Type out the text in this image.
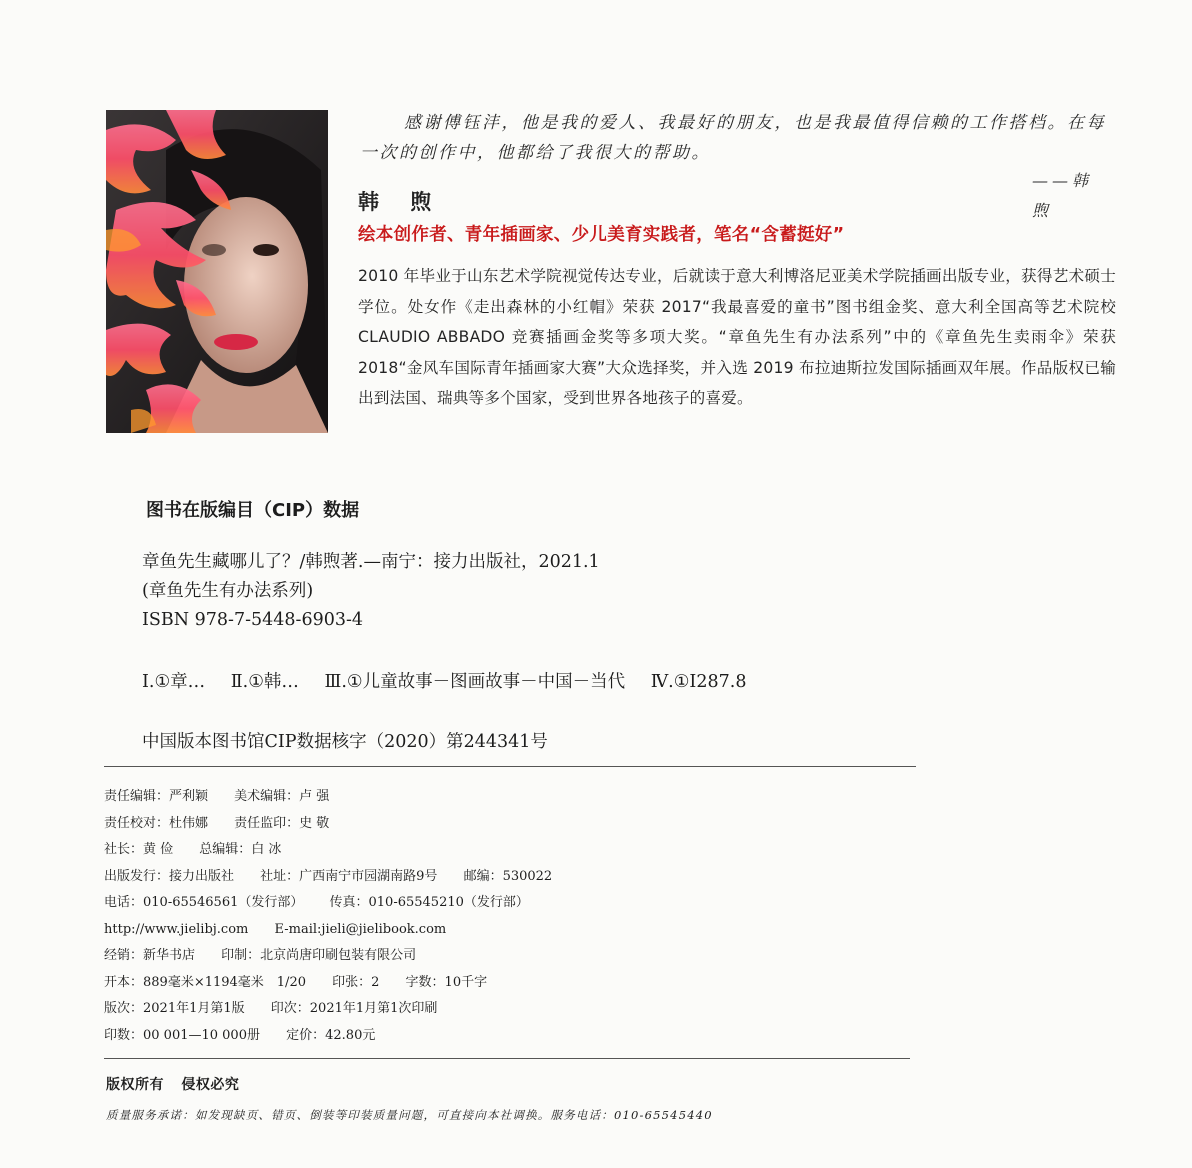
感谢傅钰沣，他是我的爱人、我最好的朋友，也是我最值得信赖的工作搭档。在每一次的创作中，他都给了我很大的帮助。

——韩 煦
韩 煦
绘本创作者、青年插画家、少儿美育实践者，笔名“含蓄挺好”
2010 年毕业于山东艺术学院视觉传达专业，后就读于意大利博洛尼亚美术学院插画出版专业，获得艺术硕士学位。处女作《走出森林的小红帽》荣获 2017“我最喜爱的童书”图书组金奖、意大利全国高等艺术院校 CLAUDIO ABBADO 竞赛插画金奖等多项大奖。“章鱼先生有办法系列”中的《章鱼先生卖雨伞》荣获 2018“金风车国际青年插画家大赛”大众选择奖，并入选 2019 布拉迪斯拉发国际插画双年展。作品版权已输出到法国、瑞典等多个国家，受到世界各地孩子的喜爱。
图书在版编目（CIP）数据
章鱼先生藏哪儿了？/韩煦著.—南宁：接力出版社，2021.1
(章鱼先生有办法系列)
ISBN 978-7-5448-6903-4
Ⅰ.①章… Ⅱ.①韩… Ⅲ.①儿童故事－图画故事－中国－当代 Ⅳ.①I287.8
中国版本图书馆CIP数据核字（2020）第244341号
责任编辑：严利颖 美术编辑：卢 强
责任校对：杜伟娜 责任监印：史 敬
社长：黄 俭 总编辑：白 冰
出版发行：接力出版社 社址：广西南宁市园湖南路9号 邮编：530022
电话：010-65546561（发行部） 传真：010-65545210（发行部）
http://www.jielibj.com E-mail:jieli@jielibook.com
经销：新华书店 印制：北京尚唐印刷包装有限公司
开本：889毫米×1194毫米　1/20 印张：2 字数：10千字
版次：2021年1月第1版 印次：2021年1月第1次印刷
印数：00 001—10 000册 定价：42.80元
版权所有 侵权必究
质量服务承诺：如发现缺页、错页、倒装等印装质量问题，可直接向本社调换。服务电话：010-65545440
